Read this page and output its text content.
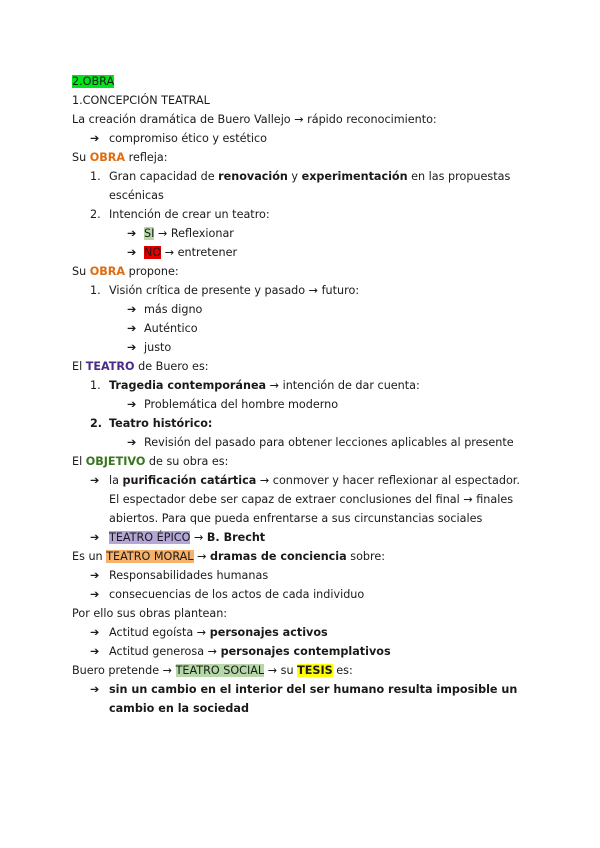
2.OBRA
1.CONCEPCIÓN TEATRAL
La creación dramática de Buero Vallejo → rápido reconocimiento:
➔ compromiso ético y estético
Su OBRA refleja:
1. Gran capacidad de renovación y experimentación en las propuestas
escénicas
2. Intención de crear un teatro:
➔ SI → Reflexionar
➔ NO → entretener
Su OBRA propone:
1. Visión crítica de presente y pasado → futuro:
➔ más digno
➔ Auténtico
➔ justo
El TEATRO de Buero es:
1. Tragedia contemporánea → intención de dar cuenta:
➔ Problemática del hombre moderno
2. Teatro histórico:
➔ Revisión del pasado para obtener lecciones aplicables al presente
El OBJETIVO de su obra es:
➔ la purificación catártica → conmover y hacer reflexionar al espectador.
El espectador debe ser capaz de extraer conclusiones del final → finales
abiertos. Para que pueda enfrentarse a sus circunstancias sociales
➔ TEATRO ÉPICO → B. Brecht
Es un TEATRO MORAL → dramas de conciencia sobre:
➔ Responsabilidades humanas
➔ consecuencias de los actos de cada individuo
Por ello sus obras plantean:
➔ Actitud egoísta → personajes activos
➔ Actitud generosa → personajes contemplativos
Buero pretende → TEATRO SOCIAL → su TESIS es:
➔ sin un cambio en el interior del ser humano resulta imposible un
cambio en la sociedad
